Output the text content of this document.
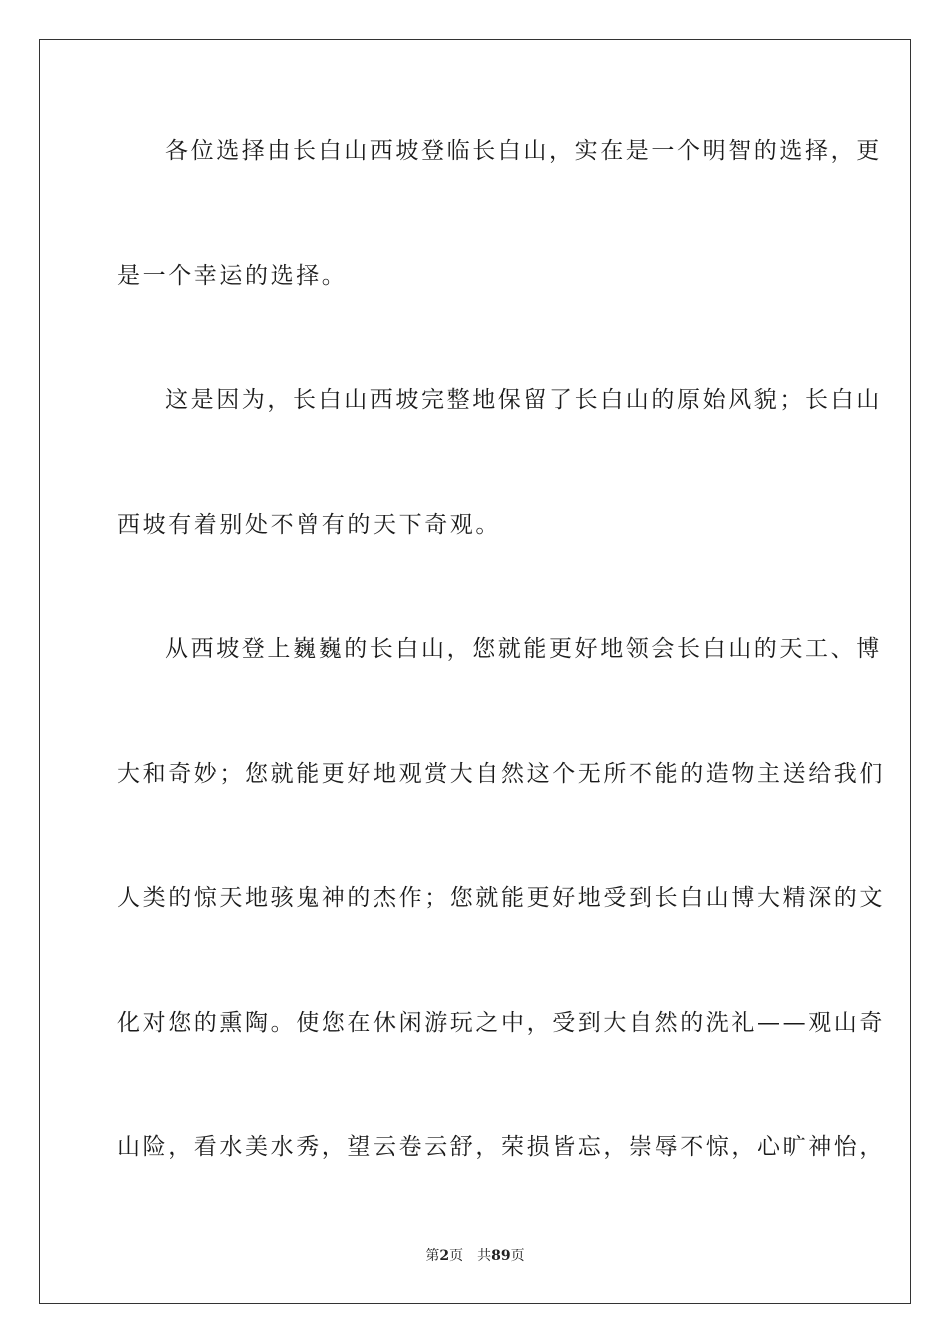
各位选择由长白山西坡登临长白山，实在是一个明智的选择，更
是一个幸运的选择。
这是因为，长白山西坡完整地保留了长白山的原始风貌；长白山
西坡有着别处不曾有的天下奇观。
从西坡登上巍巍的长白山，您就能更好地领会长白山的天工、博
大和奇妙；您就能更好地观赏大自然这个无所不能的造物主送给我们
人类的惊天地骇鬼神的杰作；您就能更好地受到长白山博大精深的文
化对您的熏陶。使您在休闲游玩之中，受到大自然的洗礼——观山奇
山险，看水美水秀，望云卷云舒，荣损皆忘，崇辱不惊，心旷神怡，
第2页 共89页
